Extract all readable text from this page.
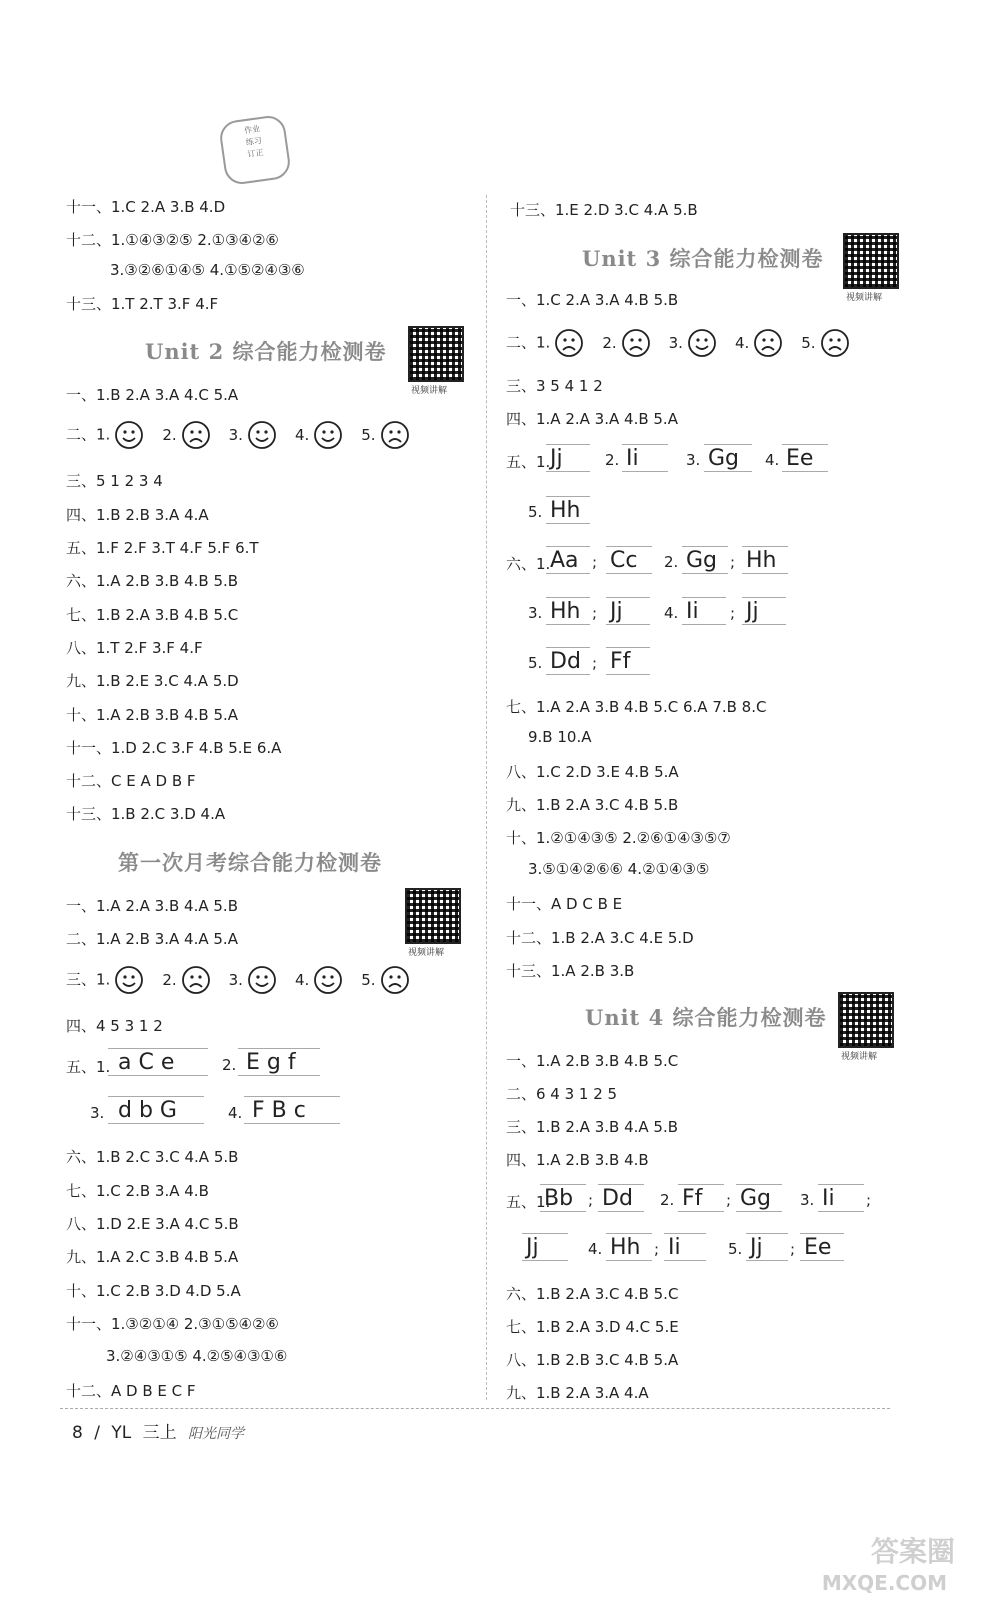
作业
练习
订正
十一、1.C 2.A 3.B 4.D
十二、1.①④③②⑤ 2.①③④②⑥
3.③②⑥①④⑤ 4.①⑤②④③⑥
十三、1.T 2.T 3.F 4.F
Unit 2 综合能力检测卷
视频讲解
一、1.B 2.A 3.A 4.C 5.A
二、1.	2.	3.	4.	5.
三、5 1 2 3 4
四、1.B 2.B 3.A 4.A
五、1.F 2.F 3.T 4.F 5.F 6.T
六、1.A 2.B 3.B 4.B 5.B
七、1.B 2.A 3.B 4.B 5.C
八、1.T 2.F 3.F 4.F
九、1.B 2.E 3.C 4.A 5.D
十、1.A 2.B 3.B 4.B 5.A
十一、1.D 2.C 3.F 4.B 5.E 6.A
十二、C E A D B F
十三、1.B 2.C 3.D 4.A
第一次月考综合能力检测卷
视频讲解
一、1.A 2.A 3.B 4.A 5.B
二、1.A 2.B 3.A 4.A 5.A
三、1.	2.	3.	4.	5.
四、4 5 3 1 2
五、1. a C e	2. E g f
3. d b G	4. F B c
六、1.B 2.C 3.C 4.A 5.B
七、1.C 2.B 3.A 4.B
八、1.D 2.E 3.A 4.C 5.B
九、1.A 2.C 3.B 4.B 5.A
十、1.C 2.B 3.D 4.D 5.A
十一、1.③②①④ 2.③①⑤④②⑥
3.②④③①⑤ 4.②⑤④③①⑥
十二、A D B E C F
十三、1.E 2.D 3.C 4.A 5.B
Unit 3 综合能力检测卷
视频讲解
一、1.C 2.A 3.A 4.B 5.B
二、1.	2.	3.	4.	5.
三、3 5 4 1 2
四、1.A 2.A 3.A 4.B 5.A
五、1.
六、1.
七、1.A 2.A 3.B 4.B 5.C 6.A 7.B 8.C
9.B 10.A
八、1.C 2.D 3.E 4.B 5.A
九、1.B 2.A 3.C 4.B 5.B
十、1.②①④③⑤ 2.②⑥①④③⑤⑦
3.⑤①④②⑥⑥ 4.②①④③⑤
十一、A D C B E
十二、1.B 2.A 3.C 4.E 5.D
十三、1.A 2.B 3.B
Unit 4 综合能力检测卷
视频讲解
一、1.A 2.B 3.B 4.B 5.C
二、6 4 3 1 2 5
三、1.B 2.A 3.B 4.A 5.B
四、1.A 2.B 3.B 4.B
五、1.
六、1.B 2.A 3.C 4.B 5.C
七、1.B 2.A 3.D 4.C 5.E
八、1.B 2.B 3.C 4.B 5.A
九、1.B 2.A 3.A 4.A
8 / YL 三上 阳光同学
答案圈
MXQE.COM
Jj	2. Ii	3. Gg 4. Ee
5. Hh
Aa ; Cc 2. Gg ; Hh
3. Hh ; Jj	4. Ii ; Jj
5. Dd ; Ff
Bb ; Dd 2. Ff ; Gg 3. Ii ;
Jj	4. Hh ; Ii	5. Jj ; Ee
